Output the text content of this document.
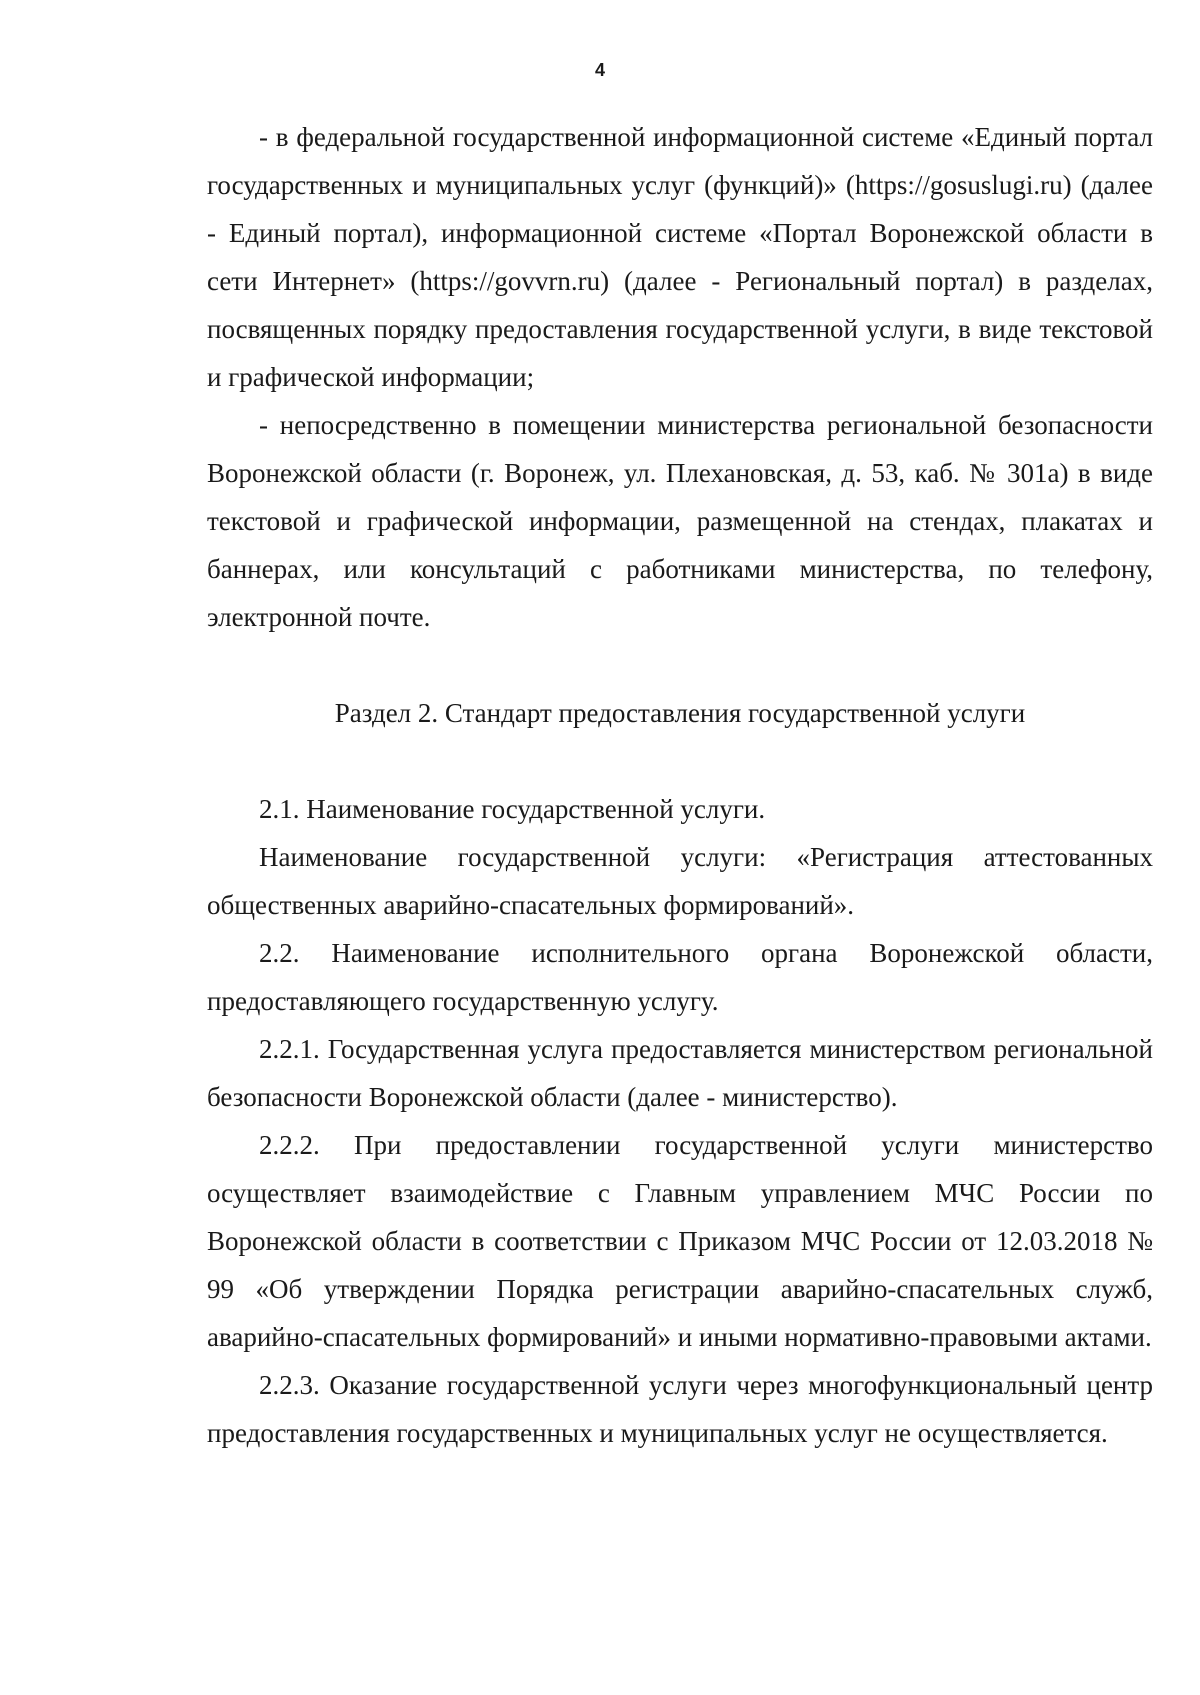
4

- в федеральной государственной информационной системе «Единый портал государственных и муниципальных услуг (функций)» (https://gosuslugi.ru) (далее - Единый портал), информационной системе «Портал Воронежской области в сети Интернет» (https://govvrn.ru) (далее - Региональный портал) в разделах, посвященных порядку предоставления государственной услуги, в виде текстовой и графической информации;

- непосредственно в помещении министерства региональной безопасности Воронежской области (г. Воронеж, ул. Плехановская, д. 53, каб. № 301а) в виде текстовой и графической информации, размещенной на стендах, плакатах и баннерах, или консультаций с работниками министерства, по телефону, электронной почте.

Раздел 2. Стандарт предоставления государственной услуги

2.1. Наименование государственной услуги.

Наименование государственной услуги: «Регистрация аттестованных общественных аварийно-спасательных формирований».

2.2. Наименование исполнительного органа Воронежской области, предоставляющего государственную услугу.

2.2.1. Государственная услуга предоставляется министерством региональной безопасности Воронежской области (далее - министерство).

2.2.2. При предоставлении государственной услуги министерство осуществляет взаимодействие с Главным управлением МЧС России по Воронежской области в соответствии с Приказом МЧС России от 12.03.2018 № 99 «Об утверждении Порядка регистрации аварийно-спасательных служб, аварийно-спасательных формирований» и иными нормативно-правовыми актами.

2.2.3. Оказание государственной услуги через многофункциональный центр предоставления государственных и муниципальных услуг не осуществляется.
